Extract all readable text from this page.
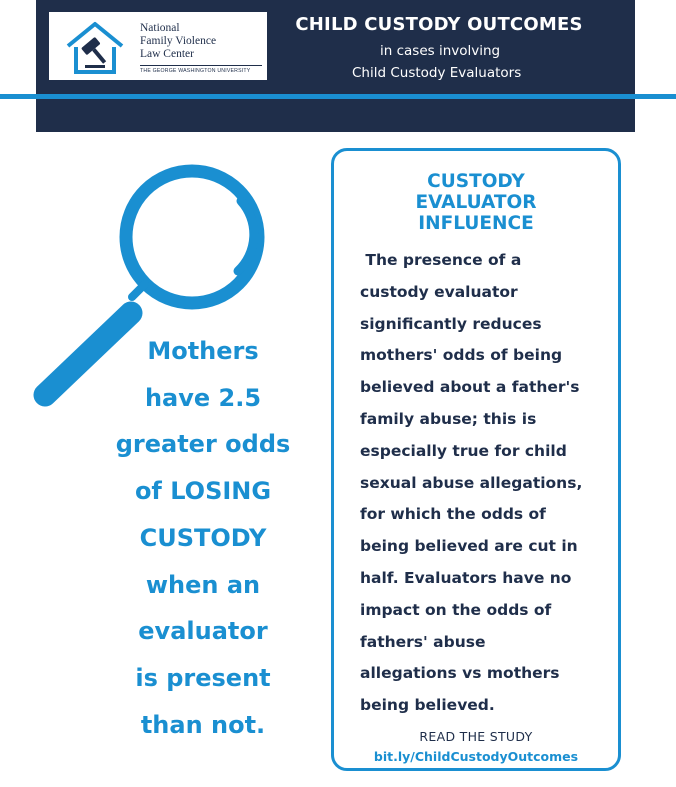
National
Family Violence
Law Center
THE GEORGE WASHINGTON UNIVERSITY
CHILD CUSTODY OUTCOMES
in cases involving
Child Custody Evaluators
Mothers
have 2.5
greater odds
of LOSING
CUSTODY
when an
evaluator
is present
than not.
CUSTODY
EVALUATOR
INFLUENCE
The presence of a
custody evaluator
significantly reduces
mothers' odds of being
believed about a father's
family abuse; this is
especially true for child
sexual abuse allegations,
for which the odds of
being believed are cut in
half. Evaluators have no
impact on the odds of
fathers' abuse
allegations vs mothers
being believed.
READ THE STUDY
bit.ly/ChildCustodyOutcomes
